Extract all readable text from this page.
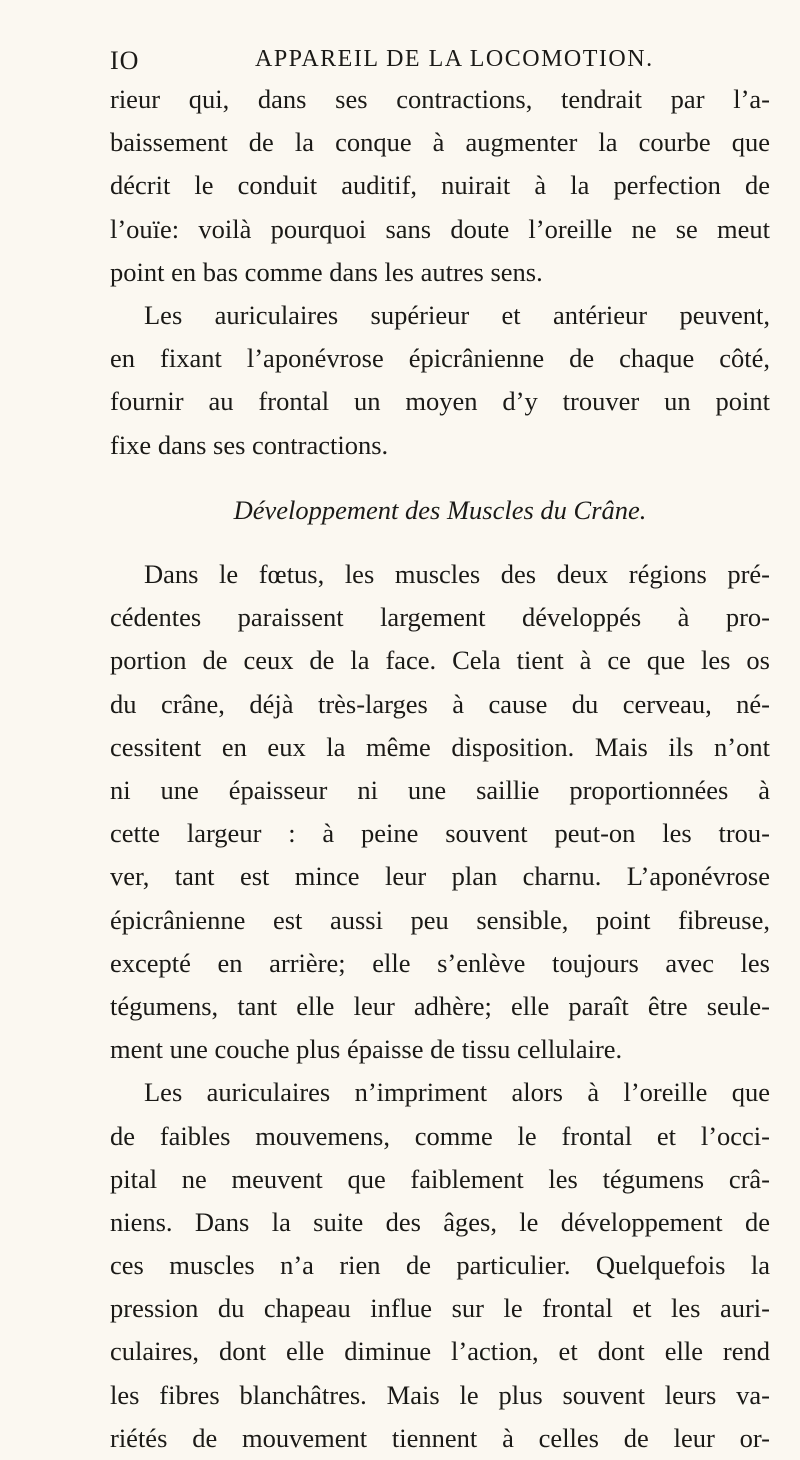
IO	APPAREIL DE LA LOCOMOTION.
rieur qui, dans ses contractions, tendrait par l’a-
baissement de la conque à augmenter la courbe que
décrit le conduit auditif, nuirait à la perfection de
l’ouïe: voilà pourquoi sans doute l’oreille ne se meut
point en bas comme dans les autres sens.
Les auriculaires supérieur et antérieur peuvent,
en fixant l’aponévrose épicrânienne de chaque côté,
fournir au frontal un moyen d’y trouver un point
fixe dans ses contractions.
Développement des Muscles du Crâne.
Dans le fœtus, les muscles des deux régions pré-
cédentes paraissent largement développés à pro-
portion de ceux de la face. Cela tient à ce que les os
du crâne, déjà très-larges à cause du cerveau, né-
cessitent en eux la même disposition. Mais ils n’ont
ni une épaisseur ni une saillie proportionnées à
cette largeur : à peine souvent peut-on les trou-
ver, tant est mince leur plan charnu. L’aponévrose
épicrânienne est aussi peu sensible, point fibreuse,
excepté en arrière; elle s’enlève toujours avec les
tégumens, tant elle leur adhère; elle paraît être seule-
ment une couche plus épaisse de tissu cellulaire.
Les auriculaires n’impriment alors à l’oreille que
de faibles mouvemens, comme le frontal et l’occi-
pital ne meuvent que faiblement les tégumens crâ-
niens. Dans la suite des âges, le développement de
ces muscles n’a rien de particulier. Quelquefois la
pression du chapeau influe sur le frontal et les auri-
culaires, dont elle diminue l’action, et dont elle rend
les fibres blanchâtres. Mais le plus souvent leurs va-
riétés de mouvement tiennent à celles de leur or-
